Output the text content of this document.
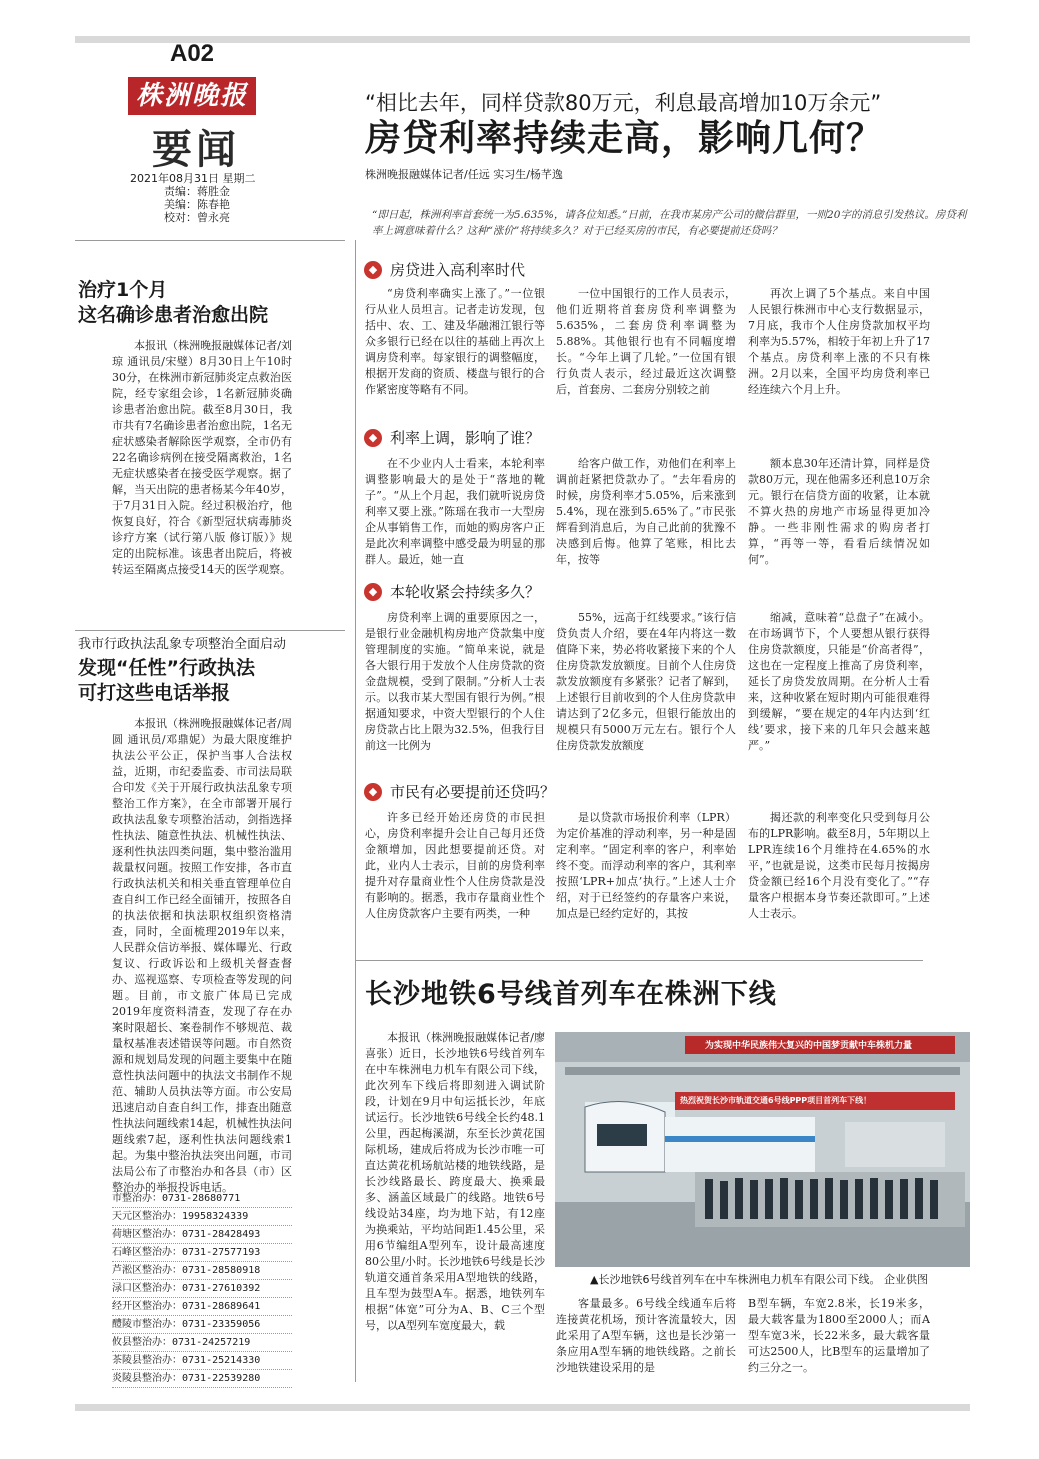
A02
株洲晚报
要闻
2021年08月31日 星期二
责编：蒋胜金
美编：陈春艳
校对：曾永亮
“相比去年，同样贷款80万元，利息最高增加10万余元”
房贷利率持续走高，影响几何？
株洲晚报融媒体记者/任远 实习生/杨芊逸
“即日起，株洲利率首套统一为5.635%，请各位知悉。”日前，在我市某房产公司的微信群里，一则20字的消息引发热议。房贷利率上调意味着什么？这种“涨价”将持续多久？对于已经买房的市民，有必要提前还贷吗？
◆ 房贷进入高利率时代

“房贷利率确实上涨了。”一位银行从业人员坦言。记者走访发现，包括中、农、工、建及华融湘江银行等众多银行已经在以往的基础上再次上调房贷利率。每家银行的调整幅度，根据开发商的资质、楼盘与银行的合作紧密度等略有不同。

一位中国银行的工作人员表示，他们近期将首套房贷利率调整为5.635%，二套房贷利率调整为5.88%。其他银行也有不同幅度增长。“今年上调了几轮。”一位国有银行负责人表示，经过最近这次调整后，首套房、二套房分别较之前

再次上调了5个基点。来自中国人民银行株洲市中心支行数据显示，7月底，我市个人住房贷款加权平均利率为5.57%，相较于年初上升了17个基点。房贷利率上涨的不只有株洲。2月以来，全国平均房贷利率已经连续六个月上升。

◆ 利率上调，影响了谁？

在不少业内人士看来，本轮利率调整影响最大的是处于“落地的靴子”。“从上个月起，我们就听说房贷利率又要上涨。”陈瑶在我市一大型房企从事销售工作，而她的购房客户正是此次利率调整中感受最为明显的那群人。最近，她一直

给客户做工作，劝他们在利率上调前赶紧把贷款办了。“去年看房的时候，房贷利率才5.05%，后来涨到5.4%，现在涨到5.65%了。”市民张辉看到消息后，为自己此前的犹豫不决感到后悔。他算了笔账，相比去年，按等

额本息30年还清计算，同样是贷款80万元，现在他需多还利息10万余元。银行在信贷方面的收紧，让本就不算火热的房地产市场显得更加冷静。一些非刚性需求的购房者打算，“再等一等，看看后续情况如何”。

◆ 本轮收紧会持续多久？

房贷利率上调的重要原因之一，是银行业金融机构房地产贷款集中度管理制度的实施。“简单来说，就是各大银行用于发放个人住房贷款的资金盘规模，受到了限制。”分析人士表示。以我市某大型国有银行为例。”根据通知要求，中资大型银行的个人住房贷款占比上限为32.5%，但我行目前这一比例为

55%，远高于红线要求。”该行信贷负责人介绍，要在4年内将这一数值降下来，势必将收紧接下来的个人住房贷款发放额度。目前个人住房贷款发放额度有多紧张？记者了解到，上述银行目前收到的个人住房贷款申请达到了2亿多元，但银行能放出的规模只有5000万元左右。银行个人住房贷款发放额度

缩减，意味着“总盘子”在减小。在市场调节下，个人要想从银行获得住房贷款额度，只能是“价高者得”，这也在一定程度上推高了房贷利率，延长了房贷发放周期。在分析人士看来，这种收紧在短时期内可能很难得到缓解，“要在规定的4年内达到‘红线’要求，接下来的几年只会越来越严。”

◆ 市民有必要提前还贷吗？

许多已经开始还房贷的市民担心，房贷利率提升会让自己每月还贷金额增加，因此想要提前还贷。对此，业内人士表示，目前的房贷利率提升对存量商业性个人住房贷款是没有影响的。据悉，我市存量商业性个人住房贷款客户主要有两类，一种

是以贷款市场报价利率（LPR）为定价基准的浮动利率，另一种是固定利率。“固定利率的客户，利率始终不变。而浮动利率的客户，其利率按照‘LPR+加点’执行。”上述人士介绍，对于已经签约的存量客户来说，加点是已经约定好的，其按

揭还款的利率变化只受到每月公布的LPR影响。截至8月，5年期以上LPR连续16个月维持在4.65%的水平，”也就是说，这类市民每月按揭房贷金额已经16个月没有变化了。”“存量客户根据本身节奏还款即可。”上述人士表示。

长沙地铁6号线首列车在株洲下线

本报讯（株洲晚报融媒体记者/廖喜张）近日，长沙地铁6号线首列车在中车株洲电力机车有限公司下线，此次列车下线后将即刻进入调试阶段，计划在9月中旬运抵长沙，年底试运行。长沙地铁6号线全长约48.1公里，西起梅溪湖，东至长沙黄花国际机场，建成后将成为长沙市唯一可直达黄花机场航站楼的地铁线路，是长沙线路最长、跨度最大、换乘最多、涵盖区域最广的线路。地铁6号线设站34座，均为地下站，有12座为换乘站，平均站间距1.45公里，采用6节编组A型列车，设计最高速度80公里/小时。长沙地铁6号线是长沙轨道交通首条采用A型地铁的线路，且车型为鼓型A车。据悉，地铁列车根据“体宽”可分为A、B、C三个型号，以A型列车宽度最大，载

为实现中华民族伟大复兴的中国梦贡献中车株机力量
热烈祝贺长沙市轨道交通6号线PPP项目首列车下线！
▲长沙地铁6号线首列车在中车株洲电力机车有限公司下线。 企业供图

客量最多。6号线全线通车后将连接黄花机场，预计客流量较大，因此采用了A型车辆，这也是长沙第一条应用A型车辆的地铁线路。之前长沙地铁建设采用的是

B型车辆，车宽2.8米，长19米多，最大载客量为1800至2000人；而A型车宽3米，长22米多，最大载客量可达2500人，比B型车的运量增加了约三分之一。

治疗1个月
这名确诊患者治愈出院

本报讯（株洲晚报融媒体记者/刘琼 通讯员/宋璧）8月30日上午10时30分，在株洲市新冠肺炎定点救治医院，经专家组会诊，1名新冠肺炎确诊患者治愈出院。截至8月30日，我市共有7名确诊患者治愈出院，1名无症状感染者解除医学观察，全市仍有22名确诊病例在接受隔离救治，1名无症状感染者在接受医学观察。据了解，当天出院的患者杨某今年40岁，于7月31日入院。经过积极治疗，他恢复良好，符合《新型冠状病毒肺炎诊疗方案（试行第八版 修订版）》规定的出院标准。该患者出院后，将被转运至隔离点接受14天的医学观察。

我市行政执法乱象专项整治全面启动
发现“任性”行政执法
可打这些电话举报

本报讯（株洲晚报融媒体记者/周圆 通讯员/邓鼎妮）为最大限度维护执法公平公正，保护当事人合法权益，近期，市纪委监委、市司法局联合印发《关于开展行政执法乱象专项整治工作方案》，在全市部署开展行政执法乱象专项整治活动，剑指选择性执法、随意性执法、机械性执法、逐利性执法四类问题，集中整治滥用裁量权问题。按照工作安排，各市直行政执法机关和相关垂直管理单位自查自纠工作已经全面铺开，按照各自的执法依据和执法职权组织资格清查，同时，全面梳理2019年以来，人民群众信访举报、媒体曝光、行政复议、行政诉讼和上级机关督查督办、巡视巡察、专项检查等发现的问题。目前，市文旅广体局已完成2019年度资料清查，发现了存在办案时限超长、案卷制作不够规范、裁量权基准表述错误等问题。市自然资源和规划局发现的问题主要集中在随意性执法问题中的执法文书制作不规范、辅助人员执法等方面。市公安局迅速启动自查自纠工作，排查出随意性执法问题线索14起，机械性执法问题线索7起，逐利性执法问题线索1起。为集中整治执法突出问题，市司法局公布了市整治办和各县（市）区整治办的举报投诉电话。

市整治办：0731-28680771
天元区整治办：19958324339
荷塘区整治办：0731-28428493
石峰区整治办：0731-27577193
芦淞区整治办：0731-28580918
渌口区整治办：0731-27610392
经开区整治办：0731-28689641
醴陵市整治办：0731-23359056
攸县整治办：0731-24257219
茶陵县整治办：0731-25214330
炎陵县整治办：0731-22539280
